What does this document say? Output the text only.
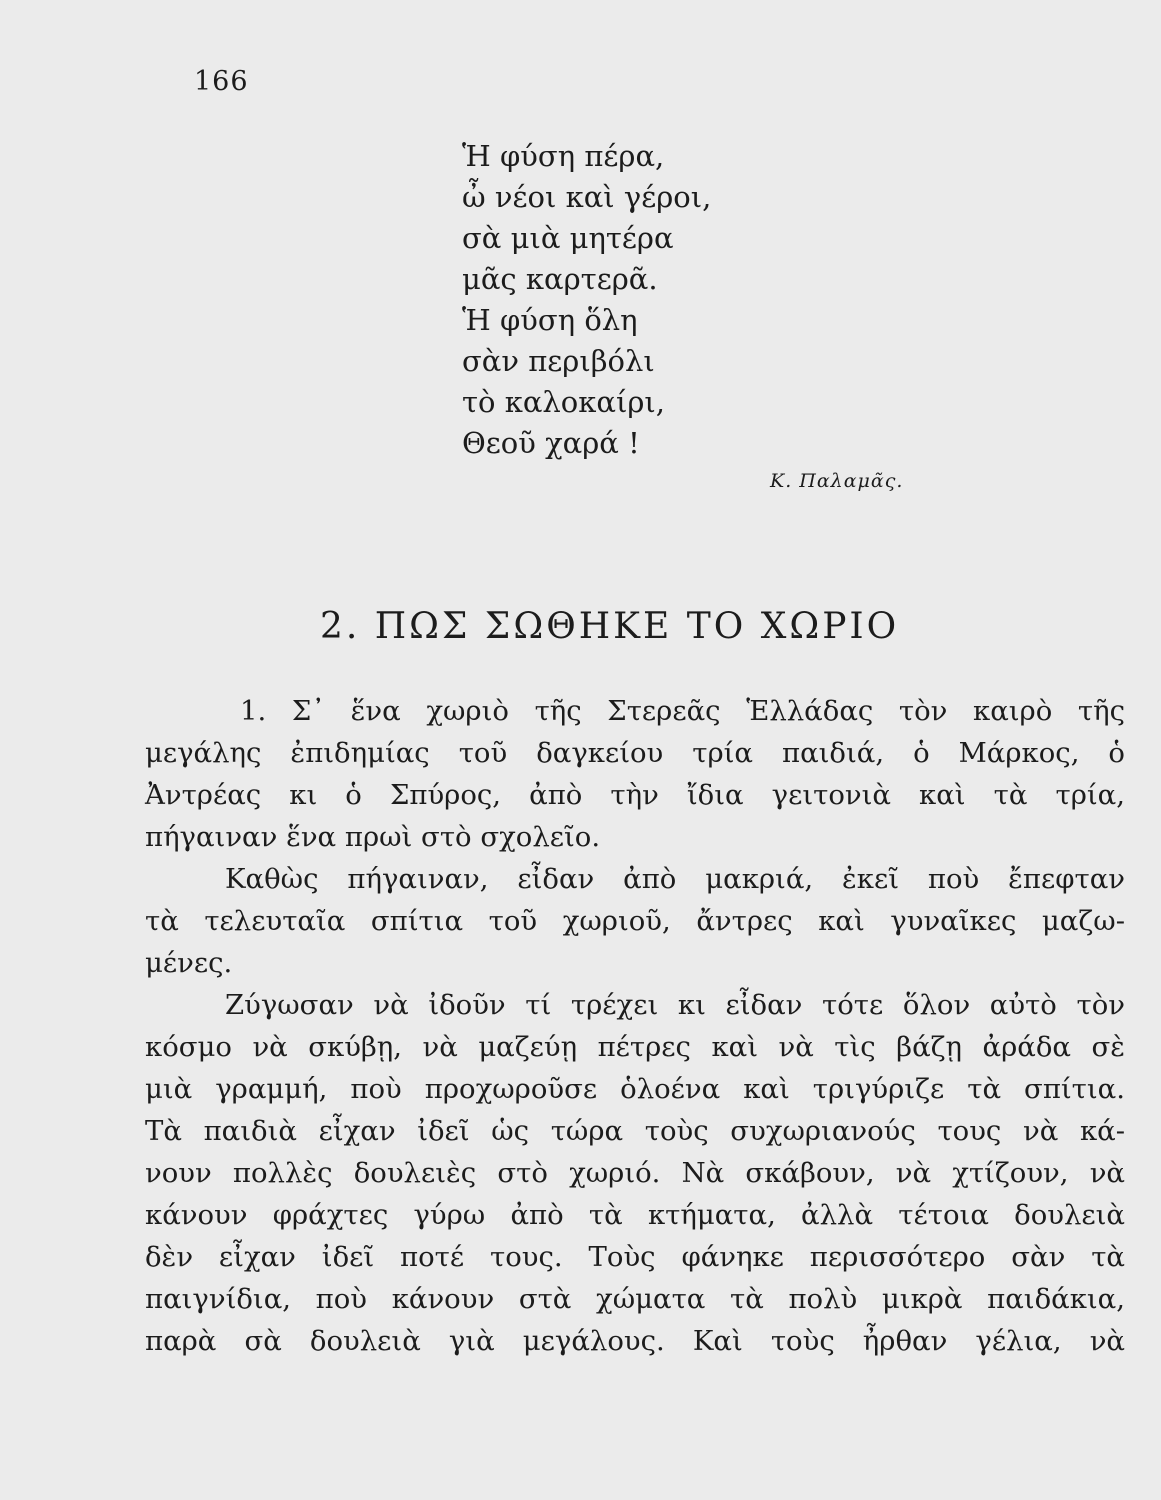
166
Ἡ φύση πέρα,
ὦ νέοι καὶ γέροι,
σὰ μιὰ μητέρα
μᾶς καρτερᾶ.
Ἡ φύση ὅλη
σὰν περιβόλι
τὸ καλοκαίρι,
Θεοῦ χαρά !
Κ. Παλαμᾶς.
2. ΠΩΣ ΣΩΘΗΚΕ ΤΟ ΧΩΡΙΟ
1. Σ᾽ ἕνα χωριὸ τῆς Στερεᾶς Ἑλλάδας τὸν καιρὸ τῆς
μεγάλης ἐπιδημίας τοῦ δαγκείου τρία παιδιά, ὁ Μάρκος, ὁ
Ἀντρέας κι ὁ Σπύρος, ἀπὸ τὴν ἴδια γειτονιὰ καὶ τὰ τρία,
πήγαιναν ἕνα πρωὶ στὸ σχολεῖο.
Καθὼς πήγαιναν, εἶδαν ἀπὸ μακριά, ἐκεῖ ποὺ ἔπεφταν
τὰ τελευταῖα σπίτια τοῦ χωριοῦ, ἄντρες καὶ γυναῖκες μαζω-
μένες.
Ζύγωσαν νὰ ἰδοῦν τί τρέχει κι εἶδαν τότε ὅλον αὐτὸ τὸν
κόσμο νὰ σκύβῃ, νὰ μαζεύῃ πέτρες καὶ νὰ τὶς βάζῃ ἀράδα σὲ
μιὰ γραμμή, ποὺ προχωροῦσε ὁλοένα καὶ τριγύριζε τὰ σπίτια.
Τὰ παιδιὰ εἶχαν ἰδεῖ ὡς τώρα τοὺς συχωριανούς τους νὰ κά-
νουν πολλὲς δουλειὲς στὸ χωριό. Νὰ σκάβουν, νὰ χτίζουν, νὰ
κάνουν φράχτες γύρω ἀπὸ τὰ κτήματα, ἀλλὰ τέτοια δουλειὰ
δὲν εἶχαν ἰδεῖ ποτέ τους. Τοὺς φάνηκε περισσότερο σὰν τὰ
παιγνίδια, ποὺ κάνουν στὰ χώματα τὰ πολὺ μικρὰ παιδάκια,
παρὰ σὰ δουλειὰ γιὰ μεγάλους. Καὶ τοὺς ἦρθαν γέλια, νὰ
